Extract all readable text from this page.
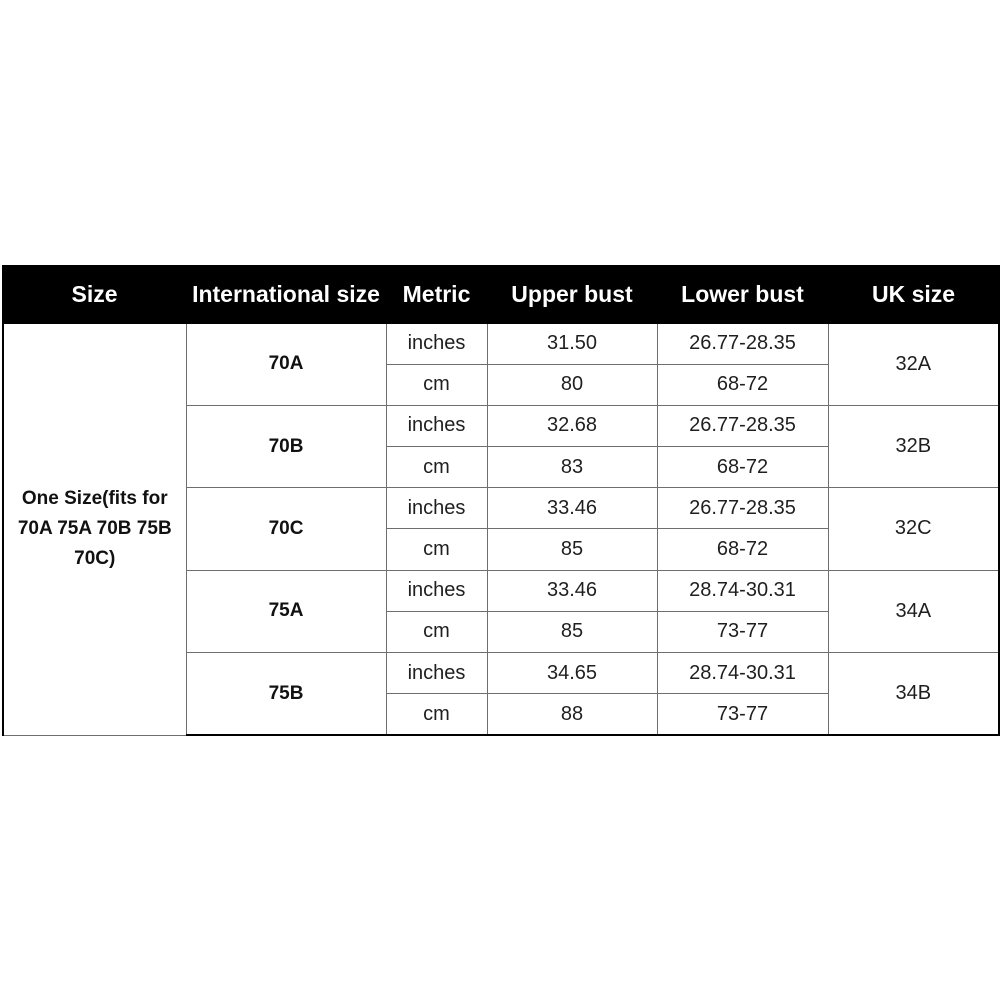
Size	International size	Metric	Upper bust	Lower bust	UK size

One Size(fits for
70A 75A 70B 75B
70C)	70A	inches	31.50	26.77-28.35	32A
		cm	80	68-72	
	70B	inches	32.68	26.77-28.35	32B
		cm	83	68-72	
	70C	inches	33.46	26.77-28.35	32C
		cm	85	68-72	
	75A	inches	33.46	28.74-30.31	34A
		cm	85	73-77	
	75B	inches	34.65	28.74-30.31	34B
		cm	88	73-77	
